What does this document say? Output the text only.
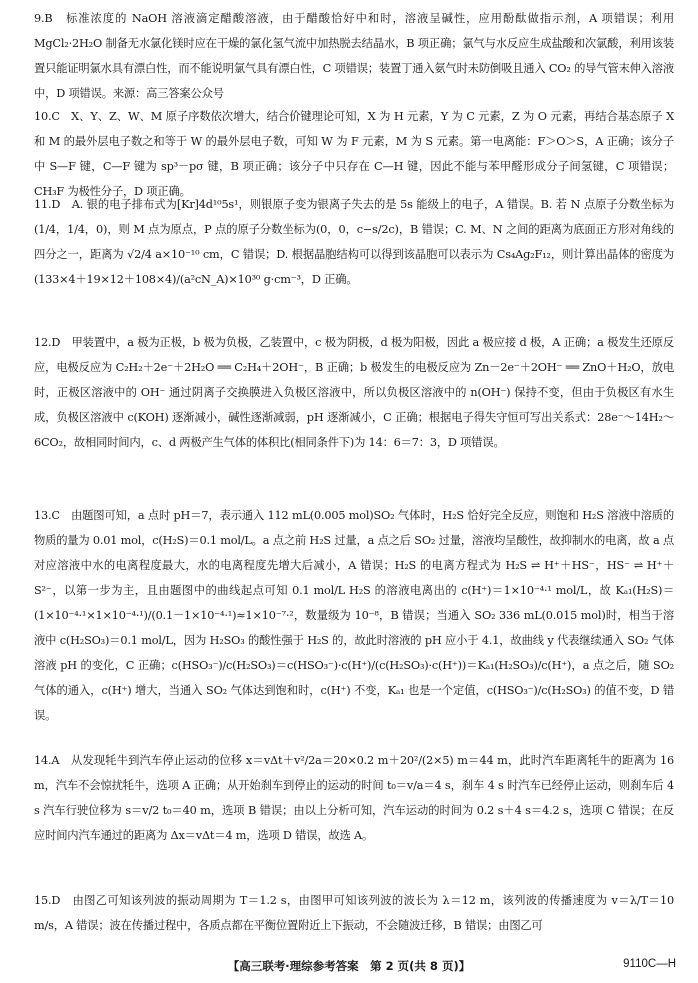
9.B　标准浓度的 NaOH 溶液滴定醋酸溶液，由于醋酸恰好中和时，溶液呈碱性，应用酚酞做指示剂，A 项错误；利用 MgCl₂·2H₂O 制备无水氯化镁时应在干燥的氯化氢气流中加热脱去结晶水，B 项正确；氯气与水反应生成盐酸和次氯酸，利用该装置只能证明氯水具有漂白性，而不能说明氯气具有漂白性，C 项错误；装置丁通入氨气时未防倒吸且通入 CO₂ 的导气管末伸入溶液中，D 项错误。来源：高三答案公众号

10.C　X、Y、Z、W、M 原子序数依次增大，结合价键理论可知，X 为 H 元素，Y 为 C 元素，Z 为 O 元素，再结合基态原子 X 和 M 的最外层电子数之和等于 W 的最外层电子数，可知 W 为 F 元素，M 为 S 元素。第一电离能：F＞O＞S，A 正确；该分子中 S—F 键，C—F 键为 sp³－pσ 键，B 项正确；该分子中只存在 C—H 键，因此不能与苯甲醛形成分子间氢键，C 项错误；CH₃F 为极性分子，D 项正确。

11.D　A. 银的电子排布式为[Kr]4d¹⁰5s¹，则银原子变为银离子失去的是 5s 能级上的电子，A 错误。B. 若 N 点原子分数坐标为(1/4，1/4，0)，则 M 点为原点，P 点的原子分数坐标为(0，0，c−s/2c)，B 错误；C. M、N 之间的距离为底面正方形对角线的四分之一，距离为 √2/4 a×10⁻¹⁰ cm，C 错误；D. 根据晶胞结构可以得到该晶胞可以表示为 Cs₄Ag₂F₁₂，则计算出晶体的密度为 (133×4＋19×12＋108×4)/(a²cN_A)×10³⁰ g·cm⁻³，D 正确。

12.D　甲装置中，a 极为正极，b 极为负极，乙装置中，c 极为阴极，d 极为阳极，因此 a 极应接 d 极，A 正确；a 极发生还原反应，电极反应为 C₂H₂＋2e⁻＋2H₂O ══ C₂H₄＋2OH⁻，B 正确；b 极发生的电极反应为 Zn－2e⁻＋2OH⁻ ══ ZnO＋H₂O，放电时，正极区溶液中的 OH⁻ 通过阴离子交换膜进入负极区溶液中，所以负极区溶液中的 n(OH⁻) 保持不变，但由于负极区有水生成，负极区溶液中 c(KOH) 逐渐减小，碱性逐渐减弱，pH 逐渐减小，C 正确；根据电子得失守恒可写出关系式：28e⁻～14H₂～6CO₂，故相同时间内，c、d 两极产生气体的体积比(相同条件下)为 14：6＝7：3，D 项错误。

13.C　由题图可知，a 点时 pH＝7，表示通入 112 mL(0.005 mol)SO₂ 气体时，H₂S 恰好完全反应，则饱和 H₂S 溶液中溶质的物质的量为 0.01 mol，c(H₂S)＝0.1 mol/L。a 点之前 H₂S 过量，a 点之后 SO₂ 过量，溶液均呈酸性，故抑制水的电离，故 a 点对应溶液中水的电离程度最大，水的电离程度先增大后减小，A 错误；H₂S 的电离方程式为 H₂S ⇌ H⁺＋HS⁻，HS⁻ ⇌ H⁺＋S²⁻，以第一步为主，且由题图中的曲线起点可知 0.1 mol/L H₂S 的溶液电离出的 c(H⁺)＝1×10⁻⁴·¹ mol/L，故 Kₐ₁(H₂S)＝(1×10⁻⁴·¹×1×10⁻⁴·¹)/(0.1－1×10⁻⁴·¹)≈1×10⁻⁷·²，数量级为 10⁻⁸，B 错误；当通入 SO₂ 336 mL(0.015 mol)时，相当于溶液中 c(H₂SO₃)＝0.1 mol/L，因为 H₂SO₃ 的酸性强于 H₂S 的，故此时溶液的 pH 应小于 4.1，故曲线 y 代表继续通入 SO₂ 气体溶液 pH 的变化，C 正确；c(HSO₃⁻)/c(H₂SO₃)＝c(HSO₃⁻)·c(H⁺)/(c(H₂SO₃)·c(H⁺))＝Kₐ₁(H₂SO₃)/c(H⁺)，a 点之后，随 SO₂ 气体的通入，c(H⁺) 增大，当通入 SO₂ 气体达到饱和时，c(H⁺) 不变，Kₐ₁ 也是一个定值，c(HSO₃⁻)/c(H₂SO₃) 的值不变，D 错误。

14.A　从发现牦牛到汽车停止运动的位移 x＝vΔt＋v²/2a＝20×0.2 m＋20²/(2×5) m＝44 m，此时汽车距离牦牛的距离为 16 m，汽车不会惊扰牦牛，选项 A 正确；从开始刹车到停止的运动的时间 t₀＝v/a＝4 s，刹车 4 s 时汽车已经停止运动，则刹车后 4 s 汽车行驶位移为 s＝v/2 t₀＝40 m，选项 B 错误；由以上分析可知，汽车运动的时间为 0.2 s＋4 s＝4.2 s，选项 C 错误；在反应时间内汽车通过的距离为 Δx＝vΔt＝4 m，选项 D 错误，故选 A。

15.D　由图乙可知该列波的振动周期为 T＝1.2 s，由图甲可知该列波的波长为 λ＝12 m，该列波的传播速度为 v＝λ/T＝10 m/s，A 错误；波在传播过程中，各质点都在平衡位置附近上下振动，不会随波迁移，B 错误；由图乙可

【高三联考·理综参考答案　第 2 页(共 8 页)】	9110C—H
